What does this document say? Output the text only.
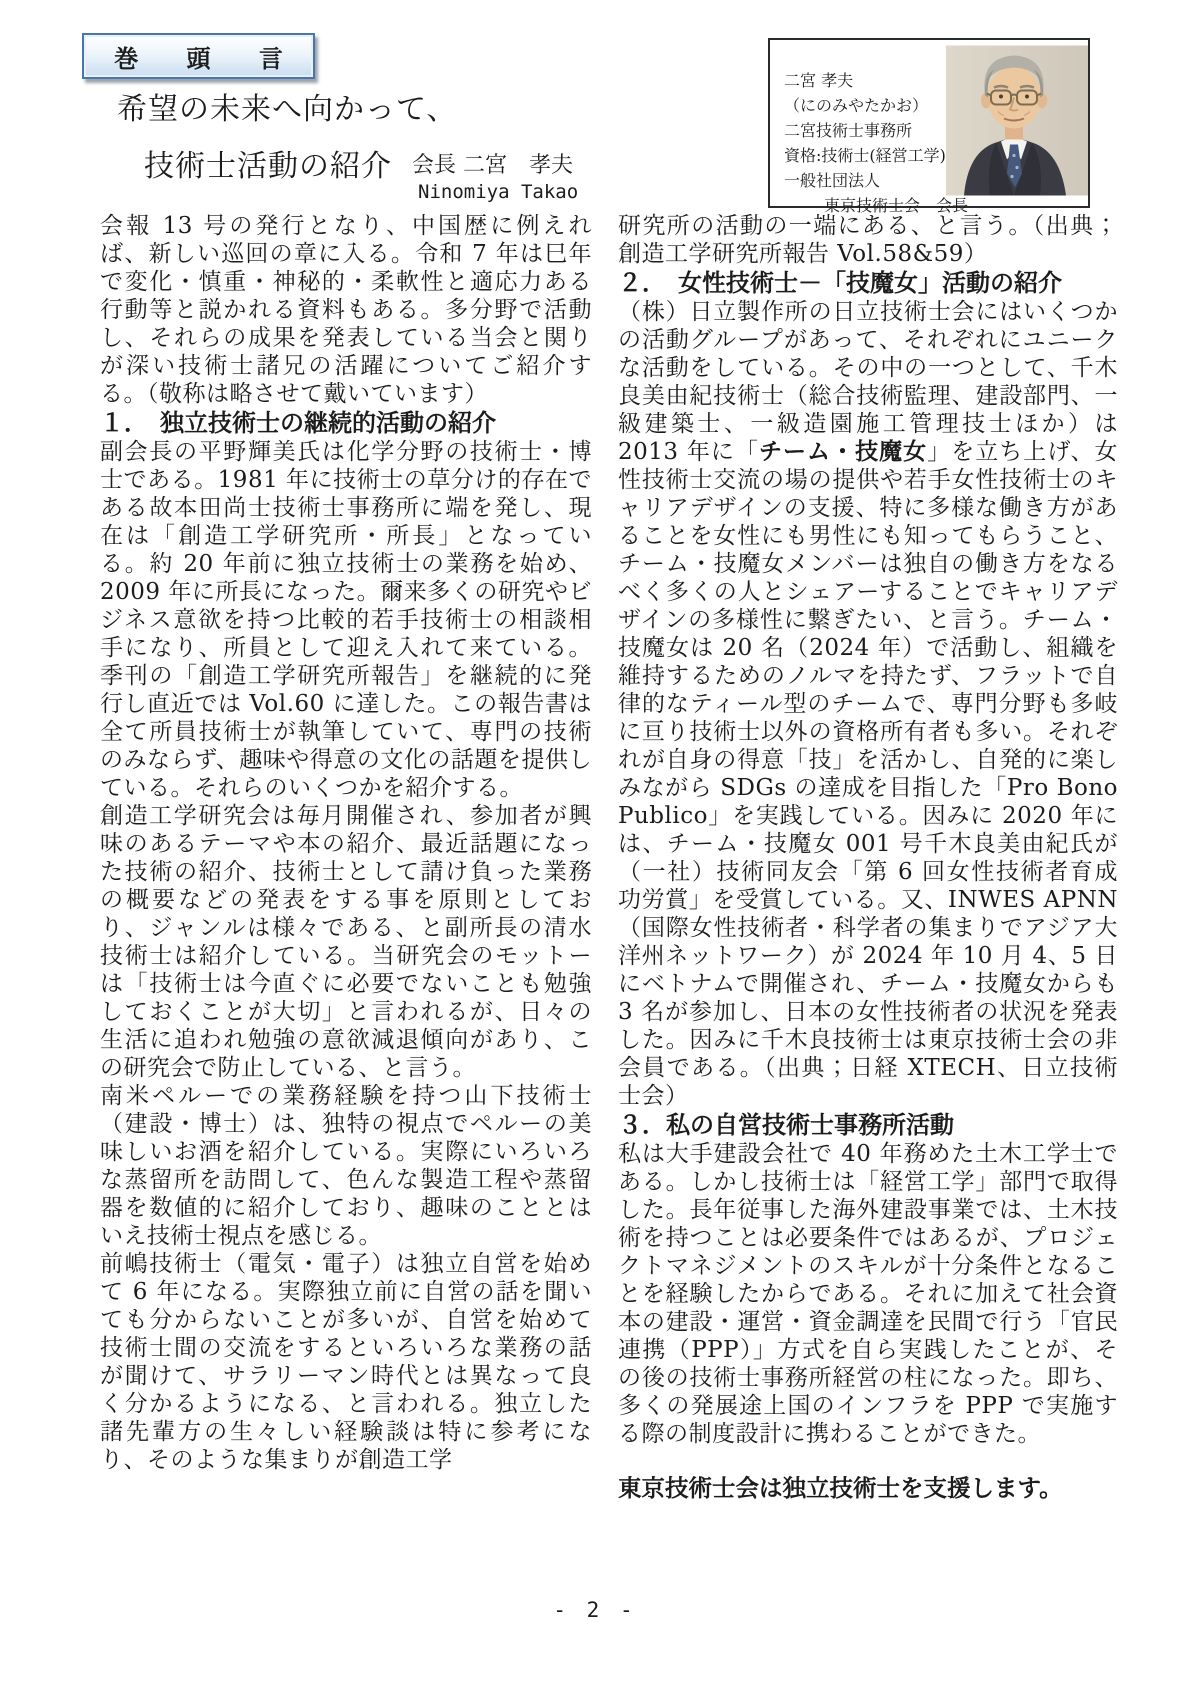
巻 頭 言
希望の未来へ向かって、
技術士活動の紹介 会長 二宮　孝夫
Ninomiya Takao
二宮 孝夫
（にのみやたかお）
二宮技術士事務所
資格:技術士(経営工学)
一般社団法人
東京技術士会　会長

会報 13 号の発行となり、中国歴に例えれば、新しい巡回の章に入る。令和 7 年は巳年で変化・慎重・神秘的・柔軟性と適応力ある行動等と説かれる資料もある。多分野で活動し、それらの成果を発表している当会と関りが深い技術士諸兄の活躍についてご紹介する。（敬称は略させて戴いています）

１．　独立技術士の継続的活動の紹介

副会長の平野輝美氏は化学分野の技術士・博士である。1981 年に技術士の草分け的存在である故本田尚士技術士事務所に端を発し、現在は「創造工学研究所・所長」となっている。約 20 年前に独立技術士の業務を始め、2009 年に所長になった。爾来多くの研究やビジネス意欲を持つ比較的若手技術士の相談相手になり、所員として迎え入れて来ている。季刊の「創造工学研究所報告」を継続的に発行し直近では Vol.60 に達した。この報告書は全て所員技術士が執筆していて、専門の技術のみならず、趣味や得意の文化の話題を提供している。それらのいくつかを紹介する。

創造工学研究会は毎月開催され、参加者が興味のあるテーマや本の紹介、最近話題になった技術の紹介、技術士として請け負った業務の概要などの発表をする事を原則としており、ジャンルは様々である、と副所長の清水技術士は紹介している。当研究会のモットーは「技術士は今直ぐに必要でないことも勉強しておくことが大切」と言われるが、日々の生活に追われ勉強の意欲減退傾向があり、この研究会で防止している、と言う。

南米ペルーでの業務経験を持つ山下技術士（建設・博士）は、独特の視点でペルーの美味しいお酒を紹介している。実際にいろいろな蒸留所を訪問して、色んな製造工程や蒸留器を数値的に紹介しており、趣味のこととはいえ技術士視点を感じる。

前嶋技術士（電気・電子）は独立自営を始めて 6 年になる。実際独立前に自営の話を聞いても分からないことが多いが、自営を始めて技術士間の交流をするといろいろな業務の話が聞けて、サラリーマン時代とは異なって良く分かるようになる、と言われる。独立した諸先輩方の生々しい経験談は特に参考になり、そのような集まりが創造工学

研究所の活動の一端にある、と言う。（出典；創造工学研究所報告 Vol.58&59）

２．　女性技術士－「技魔女」活動の紹介

（株）日立製作所の日立技術士会にはいくつかの活動グループがあって、それぞれにユニークな活動をしている。その中の一つとして、千木良美由紀技術士（総合技術監理、建設部門、一級建築士、一級造園施工管理技士ほか）は 2013 年に「チーム・技魔女」を立ち上げ、女性技術士交流の場の提供や若手女性技術士のキャリアデザインの支援、特に多様な働き方があることを女性にも男性にも知ってもらうこと、チーム・技魔女メンバーは独自の働き方をなるべく多くの人とシェアーすることでキャリアデザインの多様性に繋ぎたい、と言う。チーム・技魔女は 20 名（2024 年）で活動し、組織を維持するためのノルマを持たず、フラットで自律的なティール型のチームで、専門分野も多岐に亘り技術士以外の資格所有者も多い。それぞれが自身の得意「技」を活かし、自発的に楽しみながら SDGs の達成を目指した「Pro Bono Publico」を実践している。因みに 2020 年には、チーム・技魔女 001 号千木良美由紀氏が（一社）技術同友会「第 6 回女性技術者育成功労賞」を受賞している。又、INWES APNN（国際女性技術者・科学者の集まりでアジア大洋州ネットワーク）が 2024 年 10 月 4、5 日にベトナムで開催され、チーム・技魔女からも 3 名が参加し、日本の女性技術者の状況を発表した。因みに千木良技術士は東京技術士会の非会員である。（出典；日経 XTECH、日立技術士会）

３．私の自営技術士事務所活動

私は大手建設会社で 40 年務めた土木工学士である。しかし技術士は「経営工学」部門で取得した。長年従事した海外建設事業では、土木技術を持つことは必要条件ではあるが、プロジェクトマネジメントのスキルが十分条件となることを経験したからである。それに加えて社会資本の建設・運営・資金調達を民間で行う「官民連携（PPP）」方式を自ら実践したことが、その後の技術士事務所経営の柱になった。即ち、多くの発展途上国のインフラを PPP で実施する際の制度設計に携わることができた。

東京技術士会は独立技術士を支援します。

- 2 -
